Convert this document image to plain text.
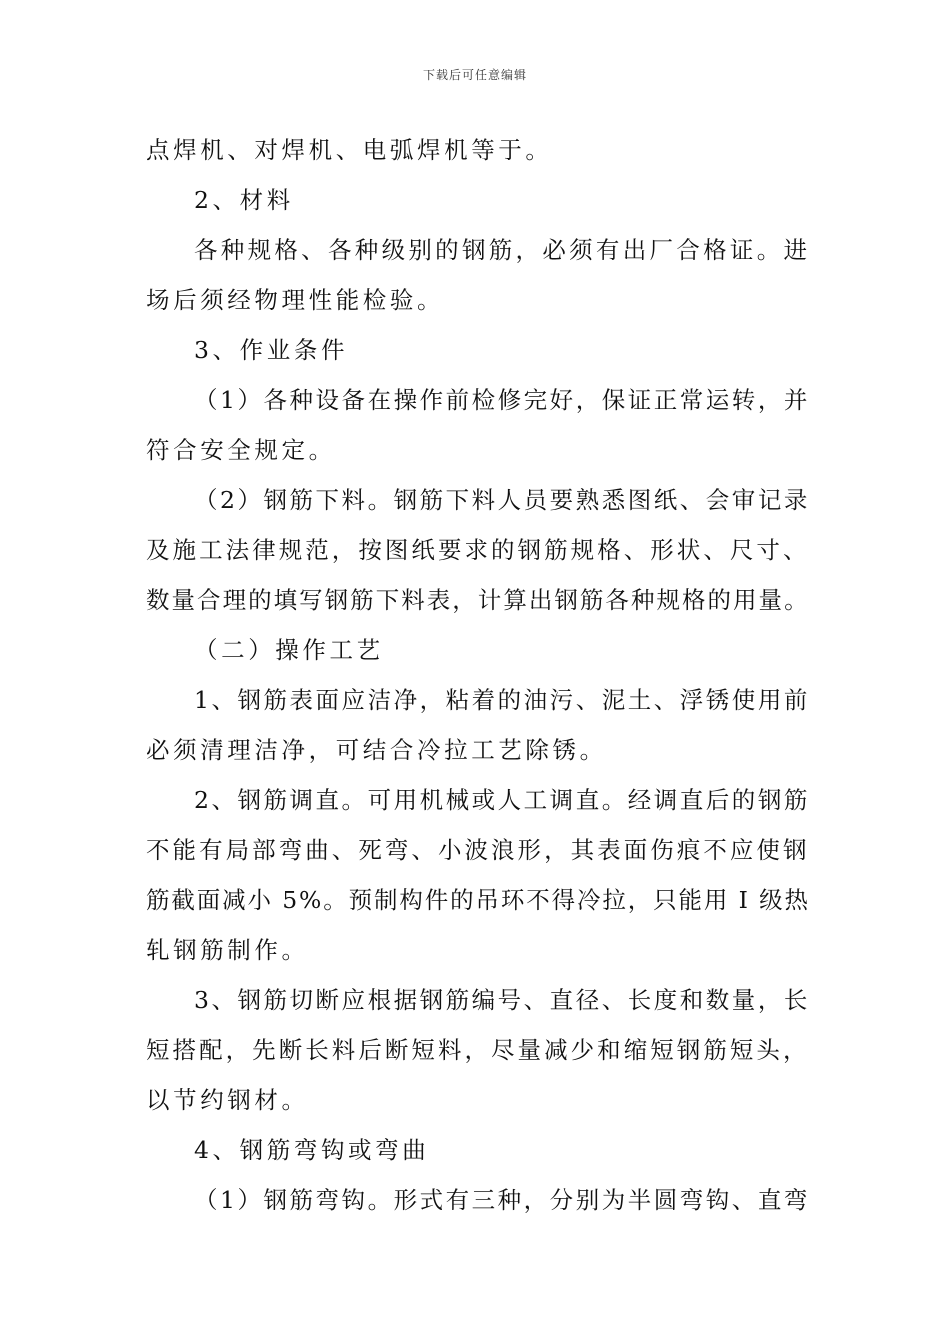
下载后可任意编辑
点焊机、对焊机、电弧焊机等于。
2、材料
各种规格、各种级别的钢筋，必须有出厂合格证。进
场后须经物理性能检验。
3、作业条件
（1）各种设备在操作前检修完好，保证正常运转，并
符合安全规定。
（2）钢筋下料。钢筋下料人员要熟悉图纸、会审记录
及施工法律规范，按图纸要求的钢筋规格、形状、尺寸、
数量合理的填写钢筋下料表，计算出钢筋各种规格的用量。
（二）操作工艺
1、钢筋表面应洁净，粘着的油污、泥土、浮锈使用前
必须清理洁净，可结合冷拉工艺除锈。
2、钢筋调直。可用机械或人工调直。经调直后的钢筋
不能有局部弯曲、死弯、小波浪形，其表面伤痕不应使钢
筋截面减小 5%。预制构件的吊环不得冷拉，只能用 I 级热
轧钢筋制作。
3、钢筋切断应根据钢筋编号、直径、长度和数量，长
短搭配，先断长料后断短料，尽量减少和缩短钢筋短头，
以节约钢材。
4、钢筋弯钩或弯曲
（1）钢筋弯钩。形式有三种，分别为半圆弯钩、直弯
